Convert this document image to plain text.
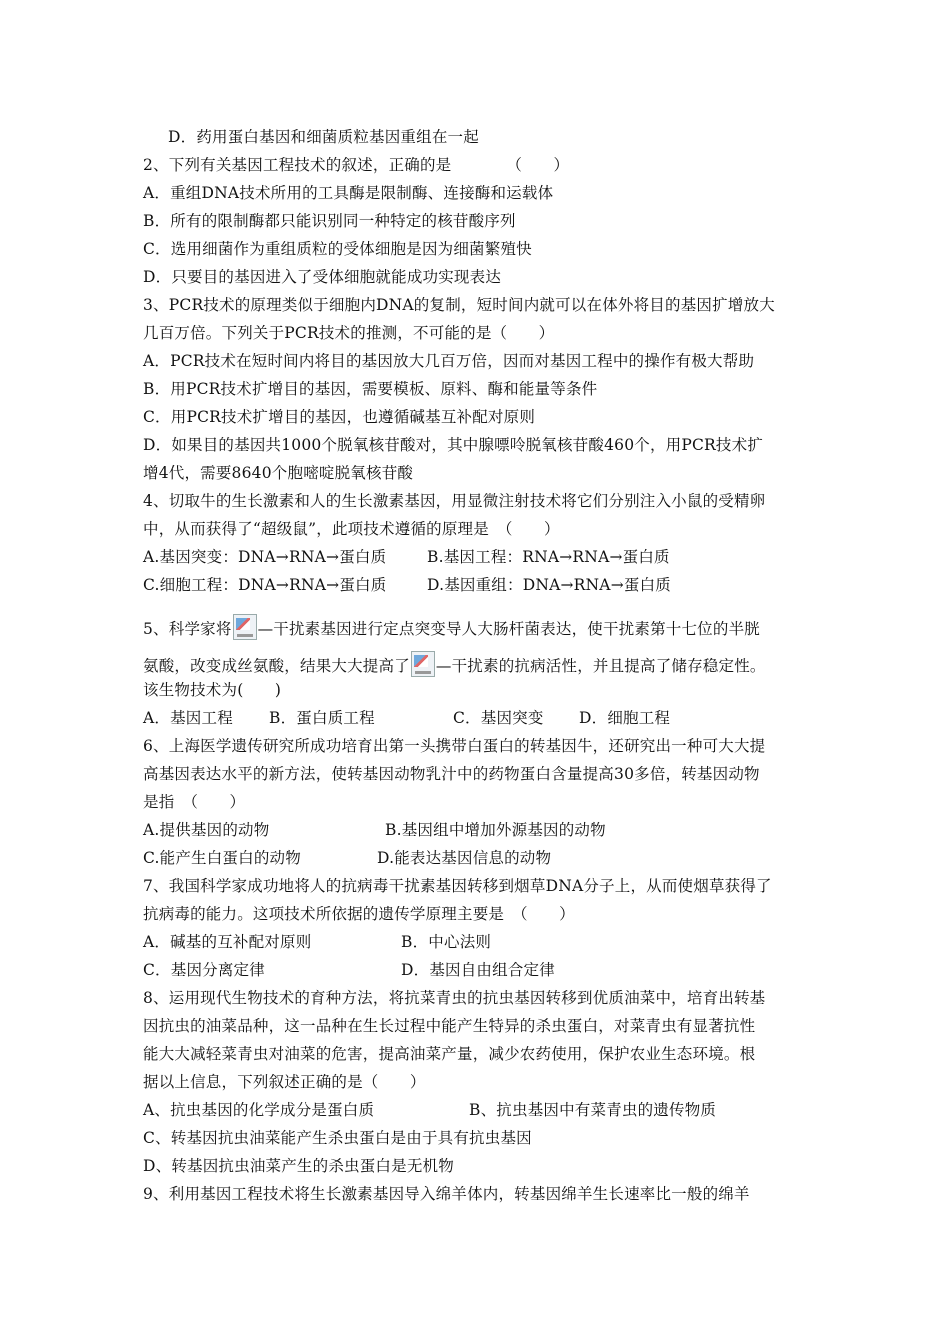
D．药用蛋白基因和细菌质粒基因重组在一起
2、下列有关基因工程技术的叙述，正确的是　　　　（　　）
A．重组DNA技术所用的工具酶是限制酶、连接酶和运载体
B．所有的限制酶都只能识别同一种特定的核苷酸序列
C．选用细菌作为重组质粒的受体细胞是因为细菌繁殖快
D．只要目的基因进入了受体细胞就能成功实现表达
3、PCR技术的原理类似于细胞内DNA的复制，短时间内就可以在体外将目的基因扩增放大
几百万倍。下列关于PCR技术的推测，不可能的是（　　）
A．PCR技术在短时间内将目的基因放大几百万倍，因而对基因工程中的操作有极大帮助
B．用PCR技术扩增目的基因，需要模板、原料、酶和能量等条件
C．用PCR技术扩增目的基因，也遵循碱基互补配对原则
D．如果目的基因共1000个脱氧核苷酸对，其中腺嘌呤脱氧核苷酸460个，用PCR技术扩
增4代，需要8640个胞嘧啶脱氧核苷酸
4、切取牛的生长激素和人的生长激素基因，用显微注射技术将它们分别注入小鼠的受精卵
中，从而获得了“超级鼠”，此项技术遵循的原理是　（　　）
A.基因突变：DNA→RNA→蛋白质	B.基因工程：RNA→RNA→蛋白质
C.细胞工程：DNA→RNA→蛋白质	D.基因重组：DNA→RNA→蛋白质
5、科学家将 —干扰素基因进行定点突变导人大肠杆菌表达，使干扰素第十七位的半胱
氨酸，改变成丝氨酸，结果大大提高了 —干扰素的抗病活性，并且提高了储存稳定性。
该生物技术为(　　)
A．基因工程 B．蛋白质工程	C．基因突变 D．细胞工程
6、上海医学遗传研究所成功培育出第一头携带白蛋白的转基因牛，还研究出一种可大大提
高基因表达水平的新方法，使转基因动物乳汁中的药物蛋白含量提高30多倍，转基因动物
是指　（　　）
A.提供基因的动物	B.基因组中增加外源基因的动物
C.能产生白蛋白的动物	D.能表达基因信息的动物
7、我国科学家成功地将人的抗病毒干扰素基因转移到烟草DNA分子上，从而使烟草获得了
抗病毒的能力。这项技术所依据的遗传学原理主要是　（　　）
A．碱基的互补配对原则	B．中心法则
C．基因分离定律	D．基因自由组合定律
8、运用现代生物技术的育种方法，将抗菜青虫的抗虫基因转移到优质油菜中，培育出转基
因抗虫的油菜品种，这一品种在生长过程中能产生特异的杀虫蛋白，对菜青虫有显著抗性
能大大减轻菜青虫对油菜的危害，提高油菜产量，减少农药使用，保护农业生态环境。根
据以上信息，下列叙述正确的是（　　）
A、抗虫基因的化学成分是蛋白质	B、抗虫基因中有菜青虫的遗传物质
C、转基因抗虫油菜能产生杀虫蛋白是由于具有抗虫基因
D、转基因抗虫油菜产生的杀虫蛋白是无机物
9、利用基因工程技术将生长激素基因导入绵羊体内，转基因绵羊生长速率比一般的绵羊
